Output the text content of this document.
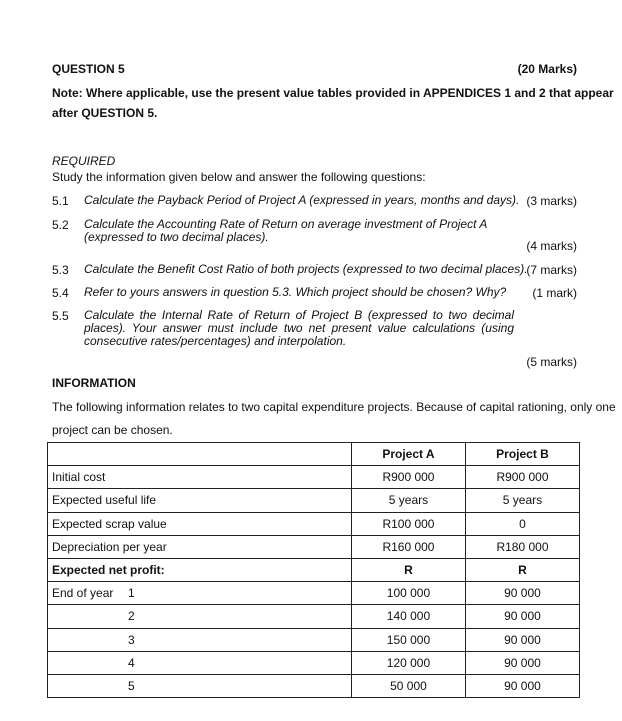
QUESTION 5	(20 Marks)
Note: Where applicable, use the present value tables provided in APPENDICES 1 and 2 that appear
after QUESTION 5.
REQUIRED
Study the information given below and answer the following questions:
5.1 Calculate the Payback Period of Project A (expressed in years, months and days). (3 marks)
5.2 Calculate the Accounting Rate of Return on average investment of Project A (expressed to two decimal places).
(4 marks)
5.3 Calculate the Benefit Cost Ratio of both projects (expressed to two decimal places).
(7 marks)
5.4 Refer to yours answers in question 5.3. Which project should be chosen? Why? (1 mark)
5.5 Calculate the Internal Rate of Return of Project B (expressed to two decimal places). Your answer must include two net present value calculations (using consecutive rates/percentages) and interpolation.
(5 marks)
INFORMATION
The following information relates to two capital expenditure projects. Because of capital rationing, only one
project can be chosen.
	Project A	Project B
Initial cost	R900 000	R900 000
Expected useful life	5 years	5 years
Expected scrap value	R100 000	0
Depreciation per year	R160 000	R180 000
Expected net profit:	R	R
End of year 1	100 000	90 000

2	140 000	90 000

3	150 000	90 000

4	120 000	90 000

5	50 000	90 000
